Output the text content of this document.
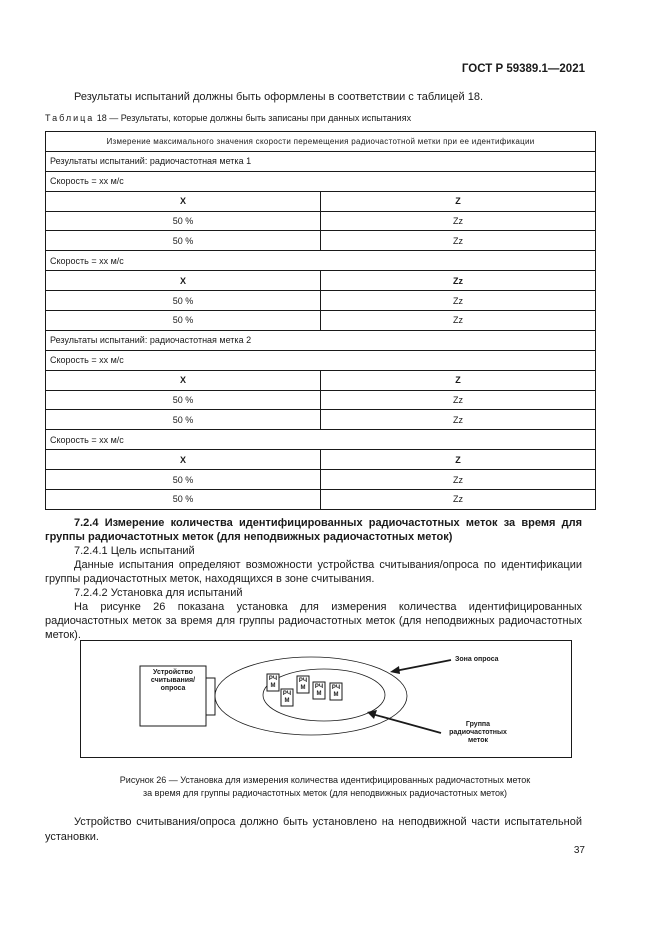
ГОСТ Р 59389.1—2021
Результаты испытаний должны быть оформлены в соответствии с таблицей 18.
Таблица 18 — Результаты, которые должны быть записаны при данных испытаниях
Измерение максимального значения скорости перемещения радиочастотной метки при ее идентификации	
Результаты испытаний: радиочастотная метка 1	
Скорость = хх м/с	
X	Z
50 %	Zz
50 %	Zz
Скорость = хх м/с	
X	Zz
50 %	Zz
50 %	Zz
Результаты испытаний: радиочастотная метка 2	
Скорость = хх м/с	
X	Z
50 %	Zz
50 %	Zz
Скорость = хх м/с	
X	Z
50 %	Zz
50 %	Zz
7.2.4 Измерение количества идентифицированных радиочастотных меток за время для группы радиочастотных меток (для неподвижных радиочастотных меток)
7.2.4.1 Цель испытаний
Данные испытания определяют возможности устройства считывания/опроса по идентификации группы радиочастотных меток, находящихся в зоне считывания.
7.2.4.2 Установка для испытаний
На рисунке 26 показана установка для измерения количества идентифицированных радиочастотных меток за время для группы радиочастотных меток (для неподвижных радиочастотных меток).
Устройство считывания/ опроса
Зона опроса
Группа радиочастотных меток
РЧ
М
РЧ
М
РЧ
М	РЧ
М
РЧ
М
Рисунок 26 — Установка для измерения количества идентифицированных радиочастотных меток
за время для группы радиочастотных меток (для неподвижных радиочастотных меток)
Устройство считывания/опроса должно быть установлено на неподвижной части испытательной установки.
37
